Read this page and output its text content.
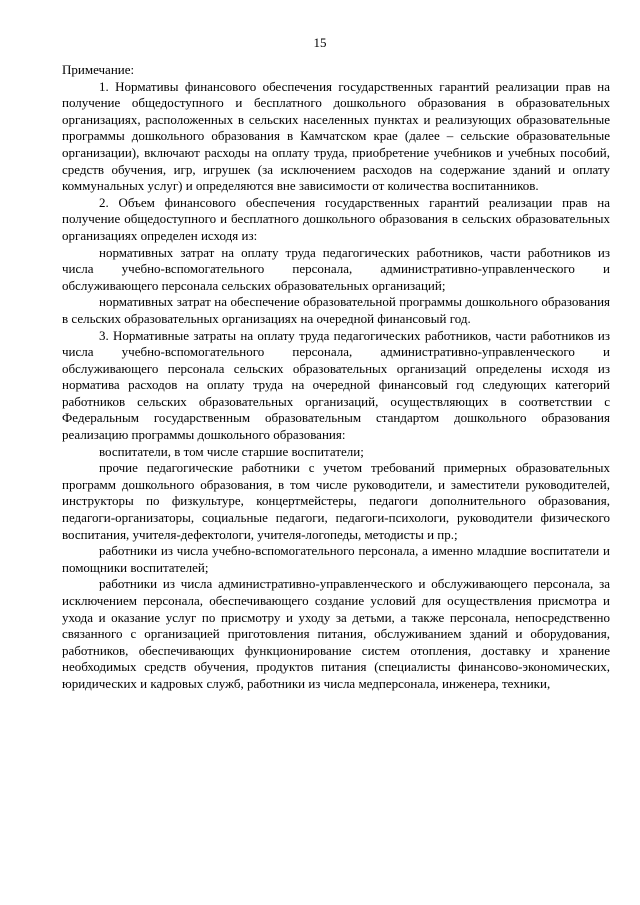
15

Примечание:

1. Нормативы финансового обеспечения государственных гарантий реализации прав на получение общедоступного и бесплатного дошкольного образования в образовательных организациях, расположенных в сельских населенных пунктах и реализующих образовательные программы дошкольного образования в Камчатском крае (далее – сельские образовательные организации), включают расходы на оплату труда, приобретение учебников и учебных пособий, средств обучения, игр, игрушек (за исключением расходов на содержание зданий и оплату коммунальных услуг) и определяются вне зависимости от количества воспитанников.

2. Объем финансового обеспечения государственных гарантий реализации прав на получение общедоступного и бесплатного дошкольного образования в сельских образовательных организациях определен исходя из:

нормативных затрат на оплату труда педагогических работников, части работников из числа учебно-вспомогательного персонала, административно-управленческого и обслуживающего персонала сельских образовательных организаций;

нормативных затрат на обеспечение образовательной программы дошкольного образования в сельских образовательных организациях на очередной финансовый год.

3. Нормативные затраты на оплату труда педагогических работников, части работников из числа учебно-вспомогательного персонала, административно-управленческого и обслуживающего персонала сельских образовательных организаций определены исходя из норматива расходов на оплату труда на очередной финансовый год следующих категорий работников сельских образовательных организаций, осуществляющих в соответствии с Федеральным государственным образовательным стандартом дошкольного образования реализацию программы дошкольного образования:

воспитатели, в том числе старшие воспитатели;

прочие педагогические работники с учетом требований примерных образовательных программ дошкольного образования, в том числе руководители, и заместители руководителей, инструкторы по физкультуре, концертмейстеры, педагоги дополнительного образования, педагоги-организаторы, социальные педагоги, педагоги-психологи, руководители физического воспитания, учителя-дефектологи, учителя-логопеды, методисты и пр.;

работники из числа учебно-вспомогательного персонала, а именно младшие воспитатели и помощники воспитателей;

работники из числа административно-управленческого и обслуживающего персонала, за исключением персонала, обеспечивающего создание условий для осуществления присмотра и ухода и оказание услуг по присмотру и уходу за детьми, а также персонала, непосредственно связанного с организацией приготовления питания, обслуживанием зданий и оборудования, работников, обеспечивающих функционирование систем отопления, доставку и хранение необходимых средств обучения, продуктов питания (специалисты финансово-экономических, юридических и кадровых служб, работники из числа медперсонала, инженера, техники,
